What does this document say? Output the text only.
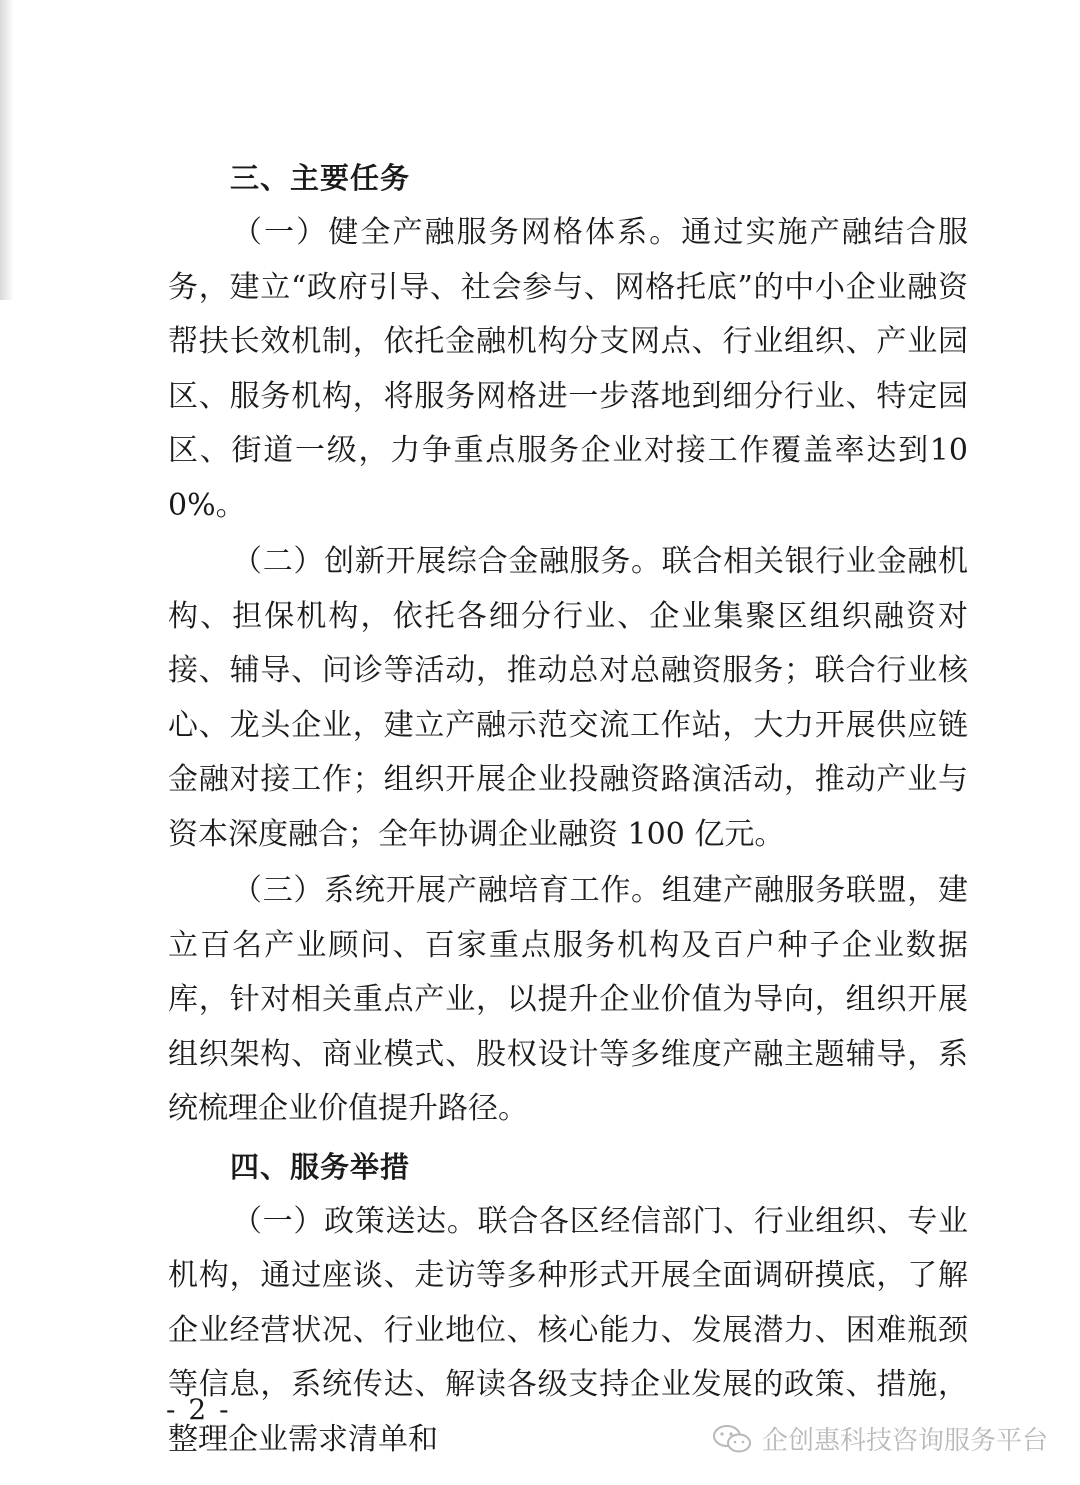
三、主要任务

（一）健全产融服务网格体系。通过实施产融结合服务，建立“政府引导、社会参与、网格托底”的中小企业融资帮扶长效机制，依托金融机构分支网点、行业组织、产业园区、服务机构，将服务网格进一步落地到细分行业、特定园区、街道一级，力争重点服务企业对接工作覆盖率达到100%。

（二）创新开展综合金融服务。联合相关银行业金融机构、担保机构，依托各细分行业、企业集聚区组织融资对接、辅导、问诊等活动，推动总对总融资服务；联合行业核心、龙头企业，建立产融示范交流工作站，大力开展供应链金融对接工作；组织开展企业投融资路演活动，推动产业与资本深度融合；全年协调企业融资 100 亿元。

（三）系统开展产融培育工作。组建产融服务联盟，建立百名产业顾问、百家重点服务机构及百户种子企业数据库，针对相关重点产业，以提升企业价值为导向，组织开展组织架构、商业模式、股权设计等多维度产融主题辅导，系统梳理企业价值提升路径。

四、服务举措

（一）政策送达。联合各区经信部门、行业组织、专业机构，通过座谈、走访等多种形式开展全面调研摸底，了解企业经营状况、行业地位、核心能力、发展潜力、困难瓶颈等信息，系统传达、解读各级支持企业发展的政策、措施，整理企业需求清单和

- 2 -
企创惠科技咨询服务平台
